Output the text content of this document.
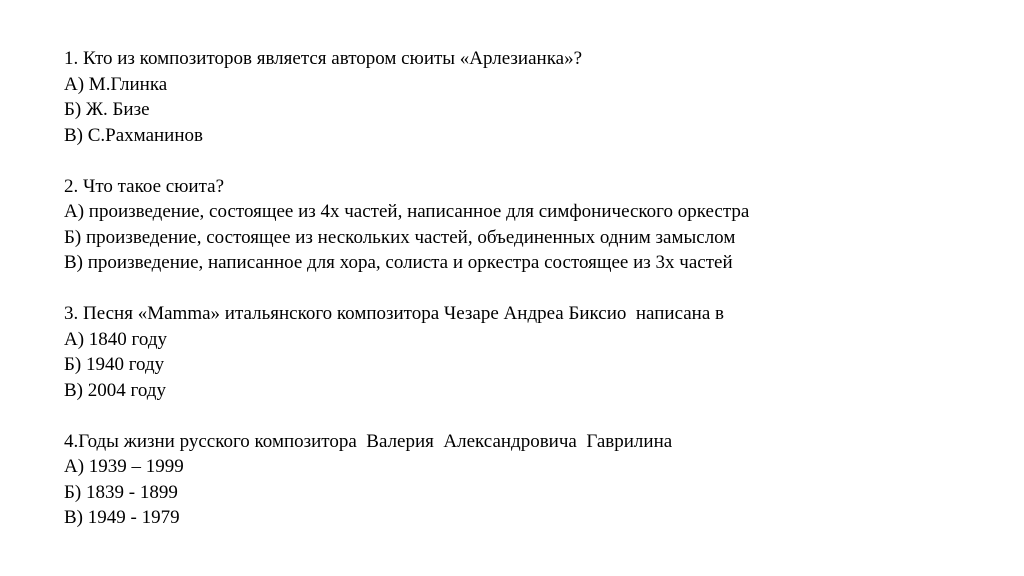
1. Кто из композиторов является автором сюиты «Арлезианка»?
А) М.Глинка
Б) Ж. Бизе
В) С.Рахманинов
2. Что такое сюита?
А) произведение, состоящее из 4х частей, написанное для симфонического оркестра
Б) произведение, состоящее из нескольких частей, объединенных одним замыслом
В) произведение, написанное для хора, солиста и оркестра состоящее из 3х частей
3. Песня «Mamma» итальянского композитора Чезаре Андреа Биксио  написана в
А) 1840 году
Б) 1940 году
В) 2004 году
4.Годы жизни русского композитора  Валерия  Александровича  Гаврилина
А) 1939 – 1999
Б) 1839 - 1899
В) 1949 - 1979
